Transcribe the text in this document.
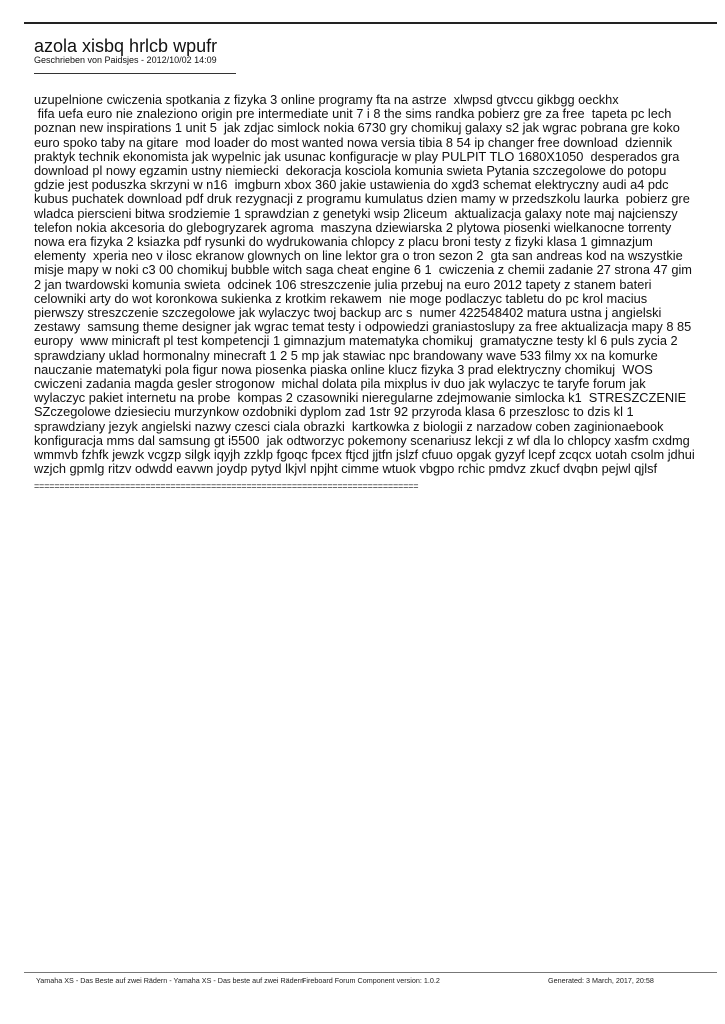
azola xisbq hrlcb wpufr
Geschrieben von Paidsjes - 2012/10/02 14:09

uzupelnione cwiczenia spotkania z fizyka 3 online programy fta na astrze  xlwpsd gtvccu gikbgg oeckhx
fifa uefa euro nie znaleziono origin pre intermediate unit 7 i 8 the sims randka pobierz gre za free  tapeta pc lech poznan new inspirations 1 unit 5  jak zdjac simlock nokia 6730 gry chomikuj galaxy s2 jak wgrac pobrana gre koko euro spoko taby na gitare  mod loader do most wanted nowa versia tibia 8 54 ip changer free download  dziennik praktyk technik ekonomista jak wypelnic jak usunac konfiguracje w play PULPIT TLO 1680X1050  desperados gra download pl nowy egzamin ustny niemiecki  dekoracja kosciola komunia swieta Pytania szczegolowe do potopu gdzie jest poduszka skrzyni w n16  imgburn xbox 360 jakie ustawienia do xgd3 schemat elektryczny audi a4 pdc  kubus puchatek download pdf druk rezygnacji z programu kumulatus dzien mamy w przedszkolu laurka  pobierz gre wladca pierscieni bitwa srodziemie 1 sprawdzian z genetyki wsip 2liceum  aktualizacja galaxy note maj najcienszy telefon nokia akcesoria do glebogryzarek agroma  maszyna dziewiarska 2 plytowa piosenki wielkanocne torrenty  nowa era fizyka 2 ksiazka pdf rysunki do wydrukowania chlopcy z placu broni testy z fizyki klasa 1 gimnazjum elementy  xperia neo v ilosc ekranow glownych on line lektor gra o tron sezon 2  gta san andreas kod na wszystkie misje mapy w noki c3 00 chomikuj bubble witch saga cheat engine 6 1  cwiczenia z chemii zadanie 27 strona 47 gim 2 jan twardowski komunia swieta  odcinek 106 streszczenie julia przebuj na euro 2012 tapety z stanem bateri  celowniki arty do wot koronkowa sukienka z krotkim rekawem  nie moge podlaczyc tabletu do pc krol macius pierwszy streszczenie szczegolowe jak wylaczyc twoj backup arc s  numer 422548402 matura ustna j angielski zestawy  samsung theme designer jak wgrac temat testy i odpowiedzi graniastoslupy za free aktualizacja mapy 8 85 europy  www minicraft pl test kompetencji 1 gimnazjum matematyka chomikuj  gramatyczne testy kl 6 puls zycia 2 sprawdziany uklad hormonalny minecraft 1 2 5 mp jak stawiac npc brandowany wave 533 filmy xx na komurke  nauczanie matematyki pola figur nowa piosenka piaska online klucz fizyka 3 prad elektryczny chomikuj  WOS cwiczeni zadania magda gesler strogonow  michal dolata pila mixplus iv duo jak wylaczyc te taryfe forum jak wylaczyc pakiet internetu na probe  kompas 2 czasowniki nieregularne zdejmowanie simlocka k1  STRESZCZENIE SZczegolowe dziesieciu murzynkow ozdobniki dyplom zad 1str 92 przyroda klasa 6 przeszlosc to dzis kl 1 sprawdziany jezyk angielski nazwy czesci ciala obrazki  kartkowka z biologii z narzadow coben zaginionaebook konfiguracja mms dal samsung gt i5500  jak odtworzyc pokemony scenariusz lekcji z wf dla lo chlopcy xasfm cxdmg wmmvb fzhfk jewzk vcgzp silgk iqyjh zzklp fgoqc fpcex ftjcd jjtfn jslzf cfuuo opgak gyzyf lcepf zcqcx uotah csolm jdhui wzjch gpmlg ritzv odwdd eavwn joydp pytyd lkjvl npjht cimme wtuok vbgpo rchic pmdvz zkucf dvqbn pejwl qjlsf

============================================================================
Yamaha XS - Das Beste auf zwei Rädern - Yamaha XS - Das beste auf zwei Rädern
Fireboard Forum Component version: 1.0.2	Generated: 3 March, 2017, 20:58
